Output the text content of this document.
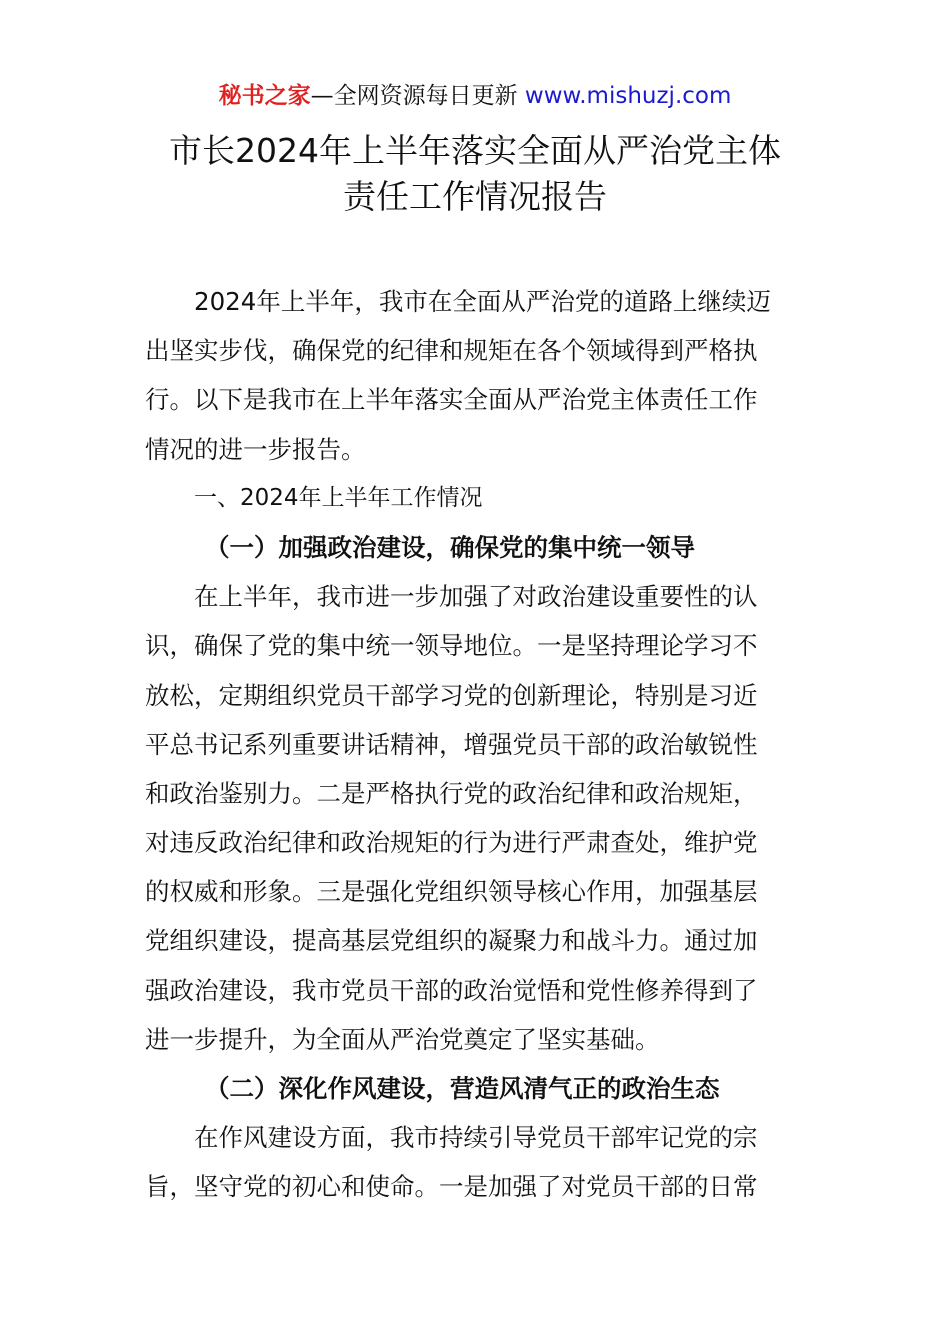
秘书之家—全网资源每日更新 www.mishuzj.com
市长2024年上半年落实全面从严治党主体
责任工作情况报告
2024年上半年，我市在全面从严治党的道路上继续迈
出坚实步伐，确保党的纪律和规矩在各个领域得到严格执
行。以下是我市在上半年落实全面从严治党主体责任工作
情况的进一步报告。
一、2024年上半年工作情况
（一）加强政治建设，确保党的集中统一领导
在上半年，我市进一步加强了对政治建设重要性的认
识，确保了党的集中统一领导地位。一是坚持理论学习不
放松，定期组织党员干部学习党的创新理论，特别是习近
平总书记系列重要讲话精神，增强党员干部的政治敏锐性
和政治鉴别力。二是严格执行党的政治纪律和政治规矩，
对违反政治纪律和政治规矩的行为进行严肃查处，维护党
的权威和形象。三是强化党组织领导核心作用，加强基层
党组织建设，提高基层党组织的凝聚力和战斗力。通过加
强政治建设，我市党员干部的政治觉悟和党性修养得到了
进一步提升，为全面从严治党奠定了坚实基础。
（二）深化作风建设，营造风清气正的政治生态
在作风建设方面，我市持续引导党员干部牢记党的宗
旨，坚守党的初心和使命。一是加强了对党员干部的日常
